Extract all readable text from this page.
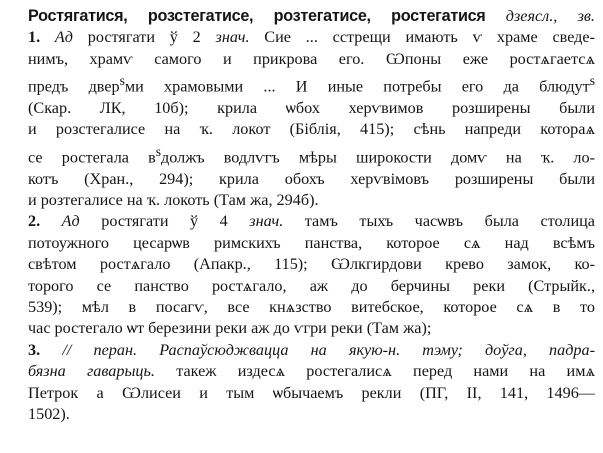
Ростягатися, розстегатисе, розтегатисе, ростегатися дзеясл., зв.
1. Ад ростягати ў 2 знач. Сие ... сстрещи имають ѵ храме сведе-
нимъ, храмѵ самого и прикрова его. Ѡпоны еже ростѧгаетсѧ
предъ двер$^s$ми храмовыми ... И иные потребы его да блюдут$^s$
(Скар. ЛК, 10б); крила ѡбох херѵвимов розширены были
и розстегалисе на ҡ. локот (Біблія, 415); сѣнь напреди котораѧ
се ростегала $в^sдолжъ$ водлѵгъ мѣры широкости домѵ на ҡ. ло-
котъ (Хран., 294); крила обохъ херѵвімовъ розширены были
и розтегалисе на ҡ. локоть (Там жа, 294б).

2. Ад ростягати ў 4 знач. тамъ тыхъ часѡвъ была столица
потоужного цесарѡв римскихъ панства, которое сѧ над всѣмъ
свѣтом ростѧгало (Апакр., 115); Ѡлкгирдови крево замок, ко-
торого се панство ростѧгало, аж до берчины реки (Стрыйк.,
539); мѣл в посагѵ, все кнѧзство витебское, которое сѧ в то
час ростегало ѡт березини реки аж до ѵгри реки (Там жа);

3. // перан. Распаўсюджвацца на якую-н. тэму; доўга, падра-
бязна гаварыць. такеж издесѧ ростегалисѧ перед нами на имѧ
Петрок а Ѡлисеи и тым ѡбычаемъ рекли (ПГ, II, 141, 1496—
1502).
